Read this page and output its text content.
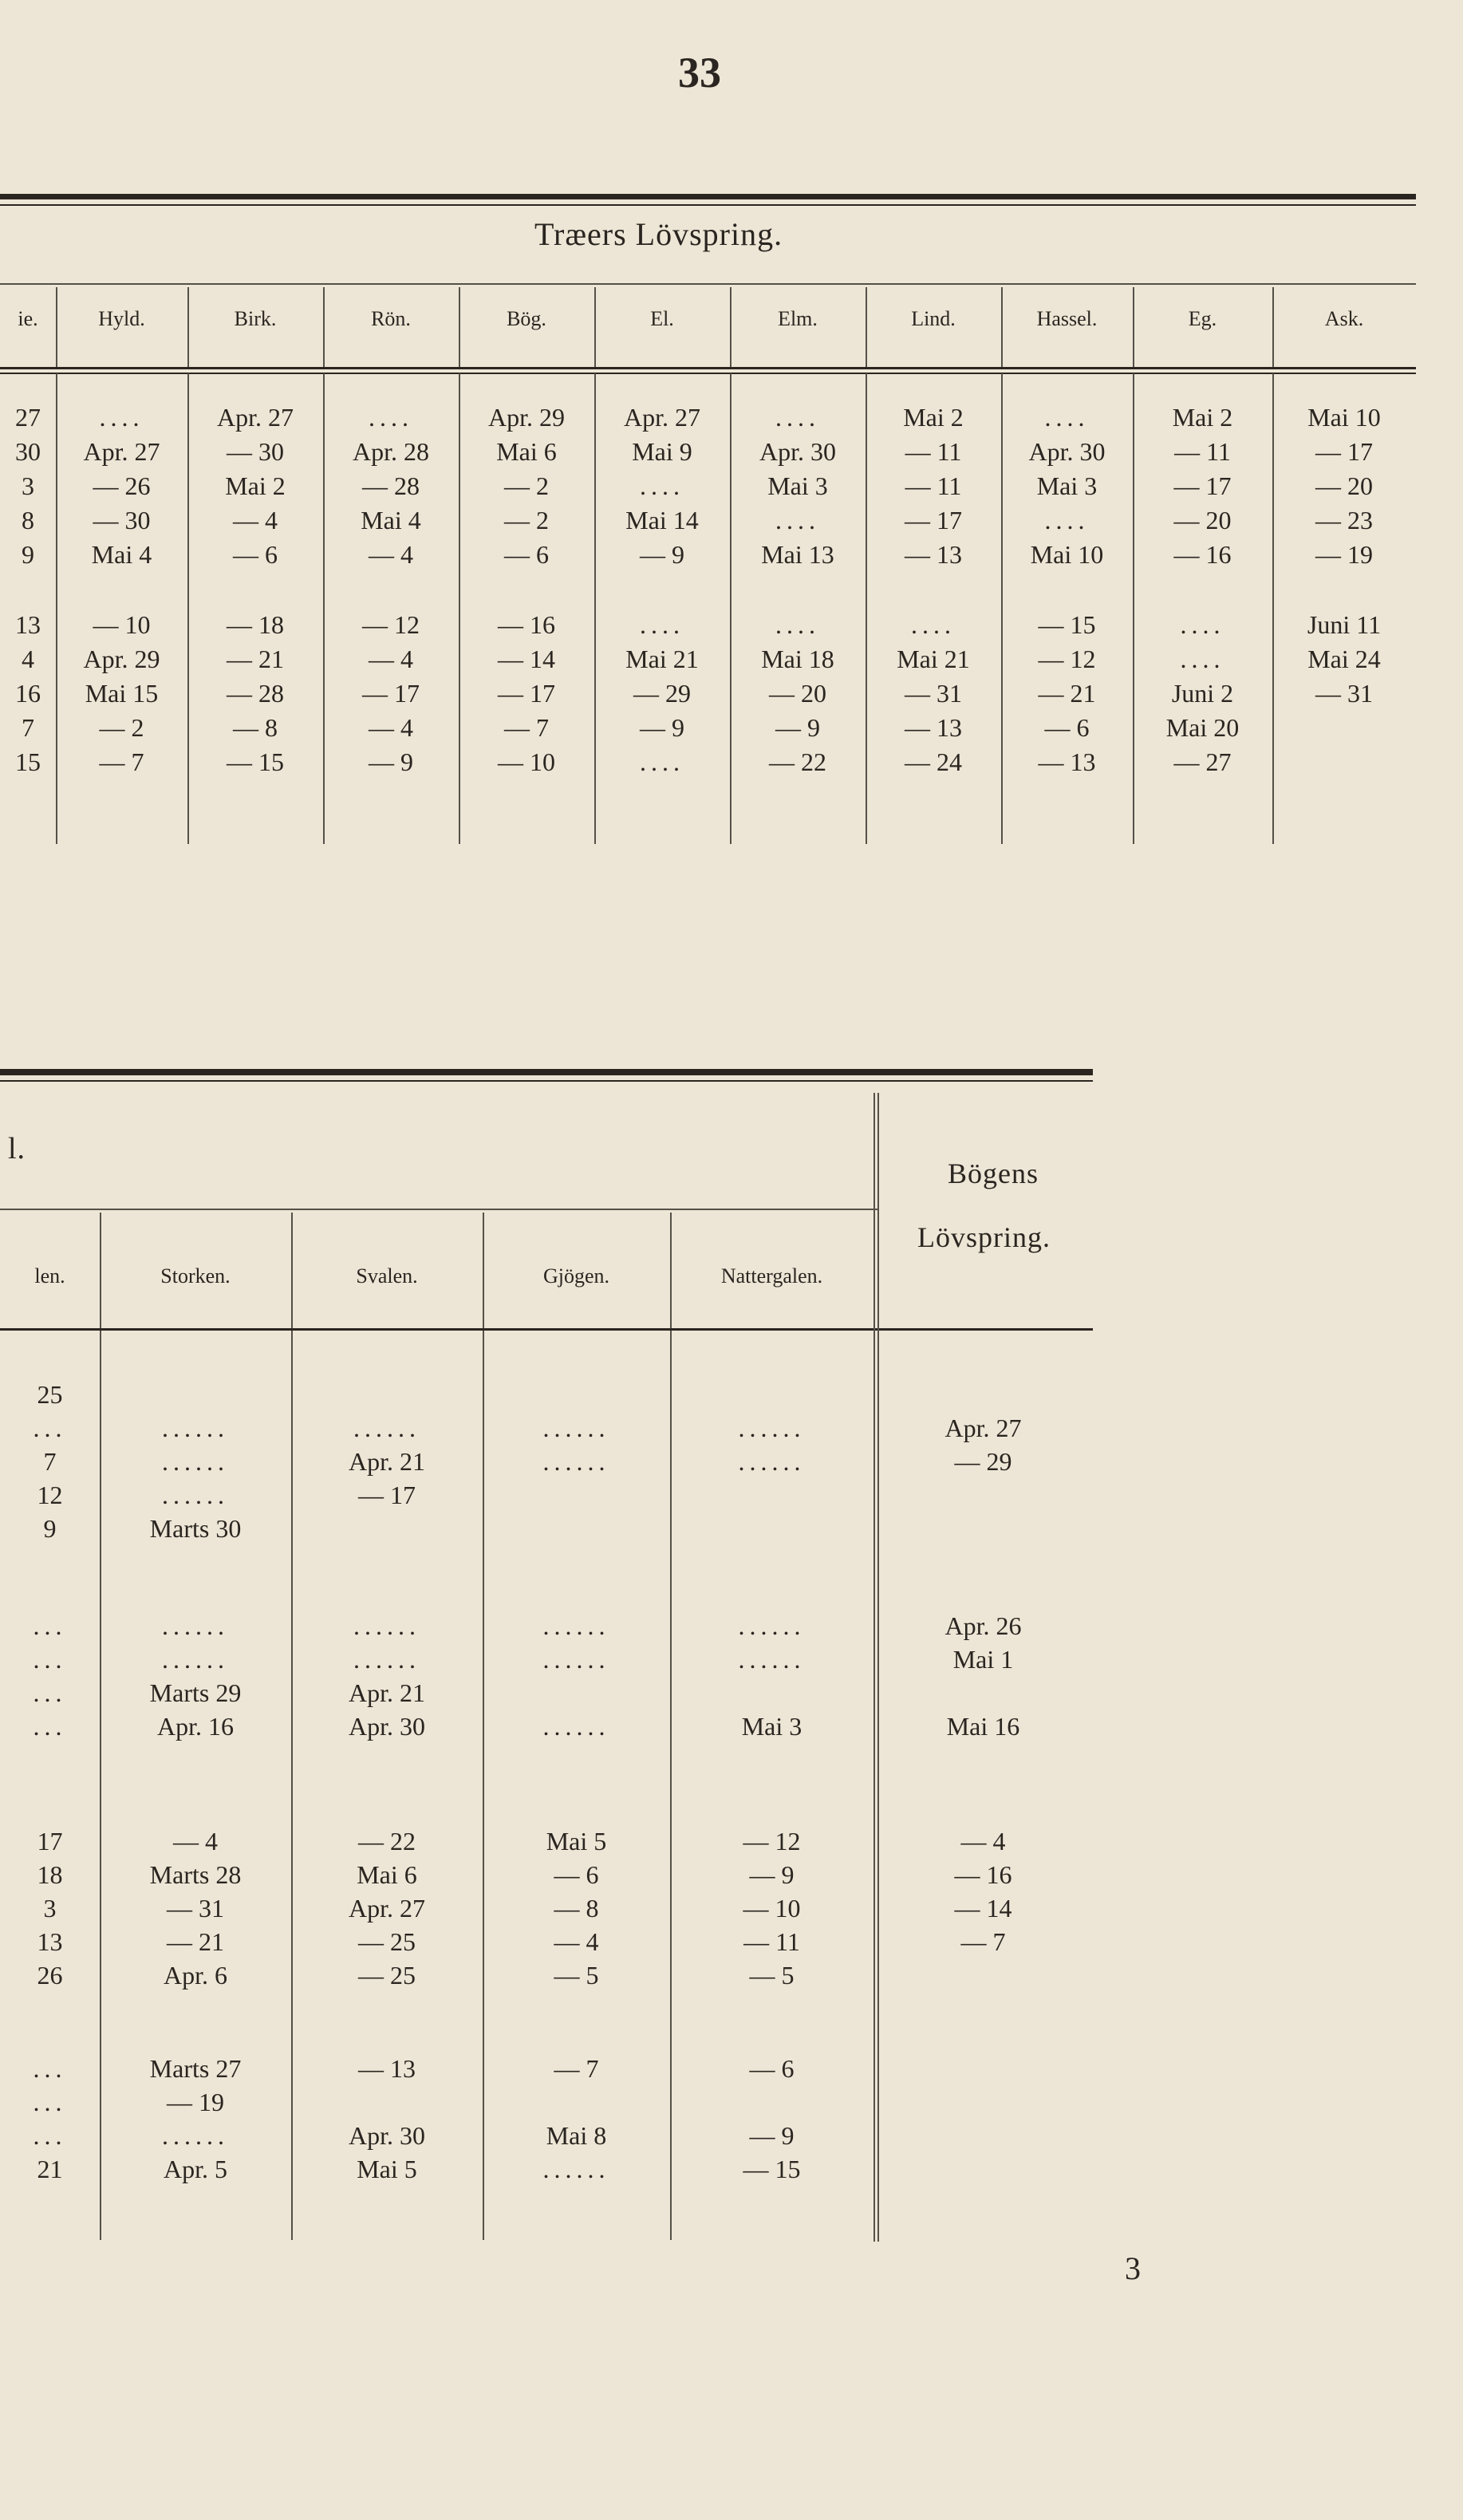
33
Træers Lövspring.
ie.	Hyld.	Birk.	Rön.	Bög.	El.	Elm.	Lind.	Hassel.	Eg.	Ask.
27	....	Apr. 27	....	Apr. 29	Apr. 27	....	Mai 2	....	Mai 2	Mai 10
30	Apr. 27	— 30	Apr. 28	Mai 6	Mai 9	Apr. 30	— 11	Apr. 30	— 11	— 17
3	— 26	Mai 2	— 28	— 2	....	Mai 3	— 11	Mai 3	— 17	— 20
8	— 30	— 4	Mai 4	— 2	Mai 14	....	— 17	....	— 20	— 23
9	Mai 4	— 6	— 4	— 6	— 9	Mai 13	— 13	Mai 10	— 16	— 19
13	— 10	— 18	— 12	— 16	....	....	....	— 15	....	Juni 11
4	Apr. 29	— 21	— 4	— 14	Mai 21	Mai 18	Mai 21	— 12	....	Mai 24
16	Mai 15	— 28	— 17	— 17	— 29	— 20	— 31	— 21	Juni 2	— 31
7	— 2	— 8	— 4	— 7	— 9	— 9	— 13	— 6	Mai 20
15	— 7	— 15	— 9	— 10	....	— 22	— 24	— 13	— 27
l.
Bögens
Lövspring.
len.	Storken.	Svalen.	Gjögen.	Nattergalen.
25
...	......	......	......	......	Apr. 27
7	......	Apr. 21	......	......	— 29
12	......	— 17
9	Marts 30
...	......	......	......	......	Apr. 26
...	......	......	......	......	Mai 1
...	Marts 29	Apr. 21
...	Apr. 16	Apr. 30	......	Mai 3	Mai 16
17	— 4	— 22	Mai 5	— 12	— 4
18	Marts 28	Mai 6	— 6	— 9	— 16
3	— 31	Apr. 27	— 8	— 10	— 14
13	— 21	— 25	— 4	— 11	— 7
26	Apr. 6	— 25	— 5	— 5
...	Marts 27	— 13	— 7	— 6
...	— 19
...	......	Apr. 30	Mai 8	— 9
21	Apr. 5	Mai 5	......	— 15
3
